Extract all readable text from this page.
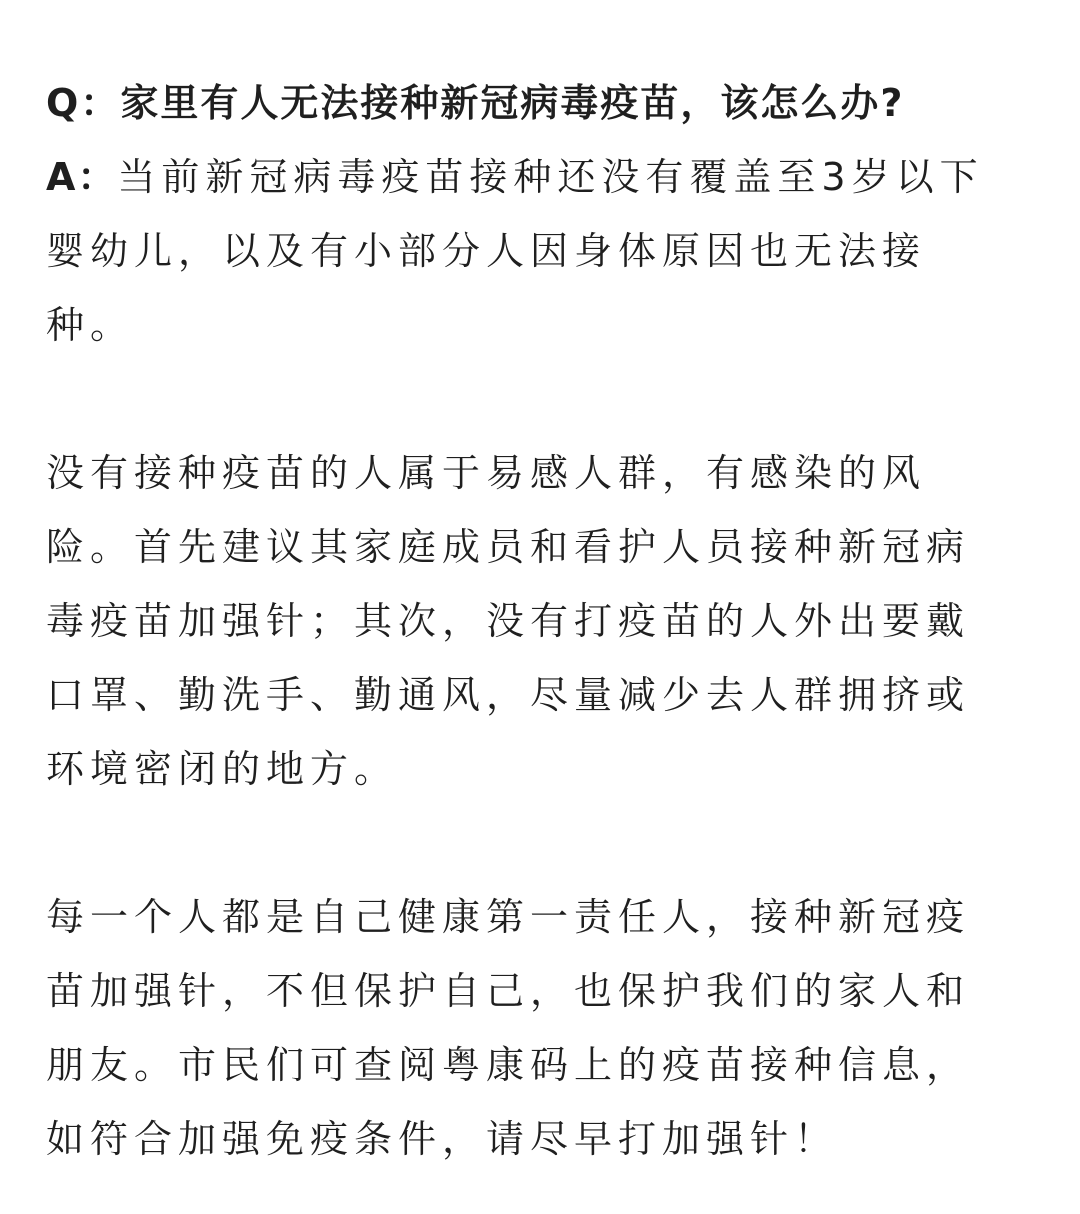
Q：家里有人无法接种新冠病毒疫苗，该怎么办?
A：当前新冠病毒疫苗接种还没有覆盖至3岁以下
婴幼儿，以及有小部分人因身体原因也无法接
种。
没有接种疫苗的人属于易感人群，有感染的风
险。首先建议其家庭成员和看护人员接种新冠病
毒疫苗加强针；其次，没有打疫苗的人外出要戴
口罩、勤洗手、勤通风，尽量减少去人群拥挤或
环境密闭的地方。
每一个人都是自己健康第一责任人，接种新冠疫
苗加强针，不但保护自己，也保护我们的家人和
朋友。市民们可查阅粤康码上的疫苗接种信息，
如符合加强免疫条件，请尽早打加强针！
